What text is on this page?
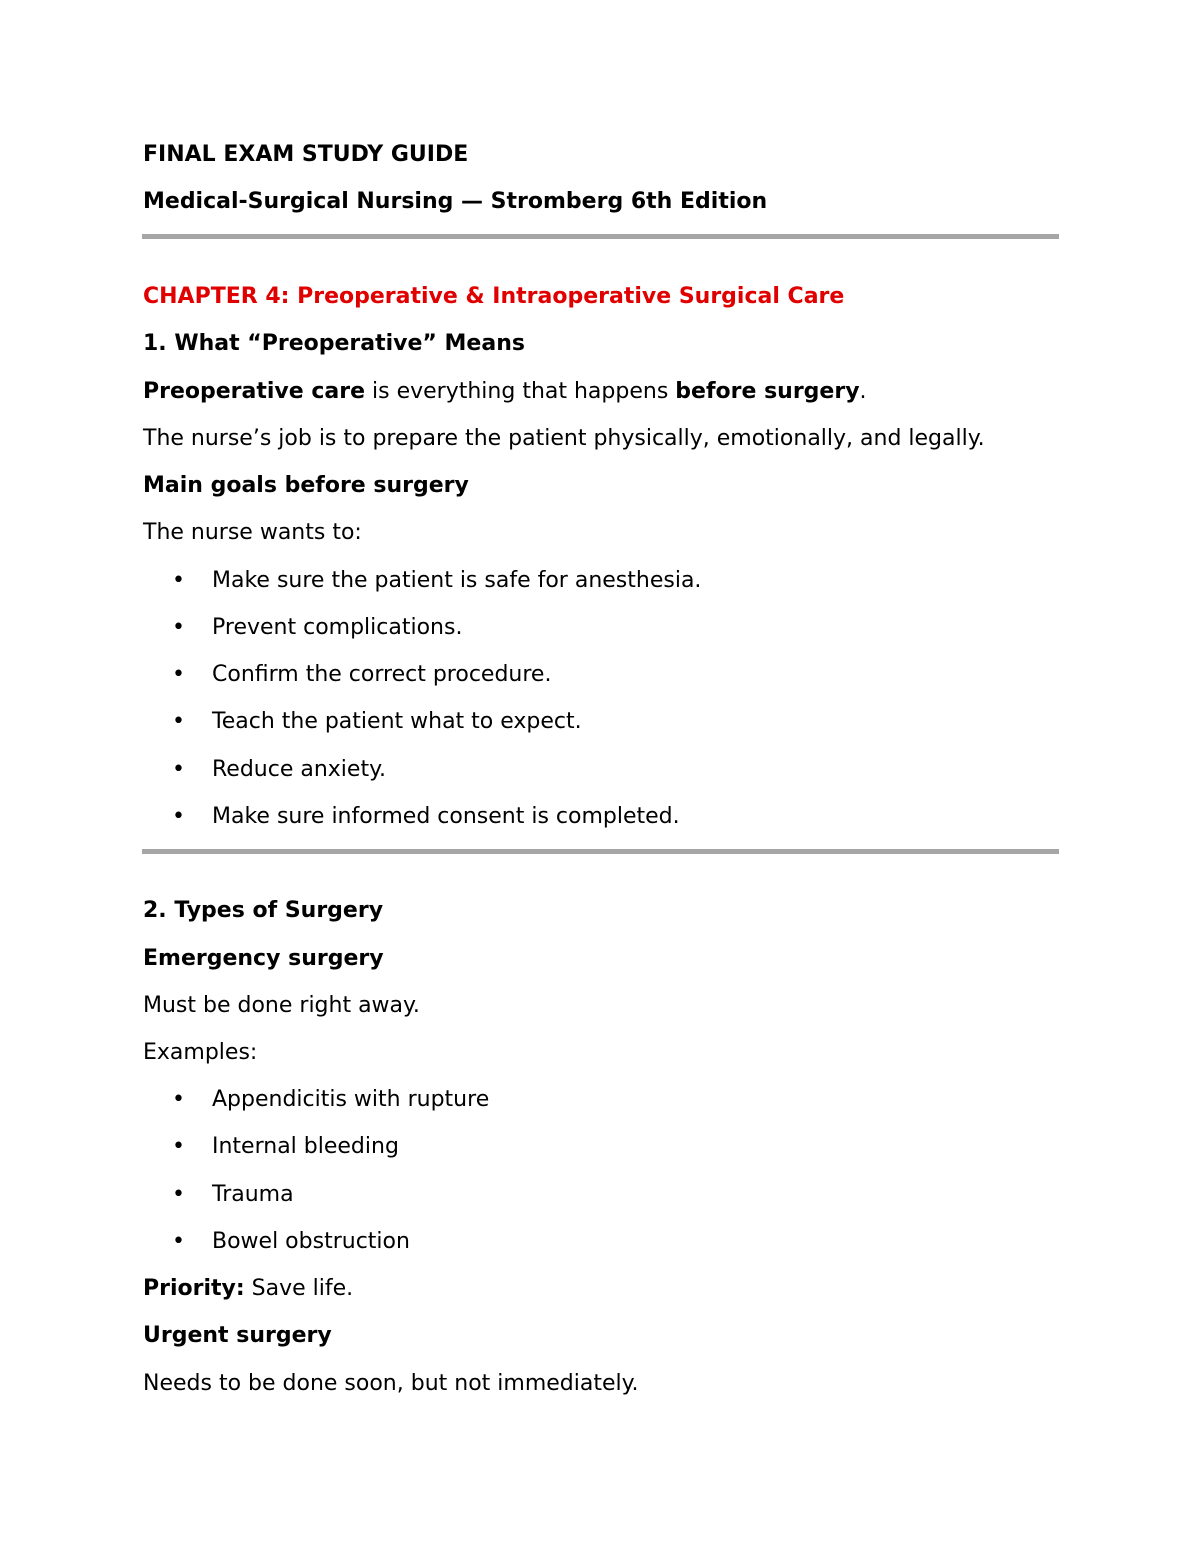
FINAL EXAM STUDY GUIDE
Medical-Surgical Nursing — Stromberg 6th Edition
CHAPTER 4: Preoperative & Intraoperative Surgical Care
1. What “Preoperative” Means
Preoperative care is everything that happens before surgery.
The nurse’s job is to prepare the patient physically, emotionally, and legally.
Main goals before surgery
The nurse wants to:
• Make sure the patient is safe for anesthesia.
• Prevent complications.
• Confirm the correct procedure.
• Teach the patient what to expect.
• Reduce anxiety.
• Make sure informed consent is completed.
2. Types of Surgery
Emergency surgery
Must be done right away.
Examples:
• Appendicitis with rupture
• Internal bleeding
• Trauma
• Bowel obstruction
Priority: Save life.
Urgent surgery
Needs to be done soon, but not immediately.
